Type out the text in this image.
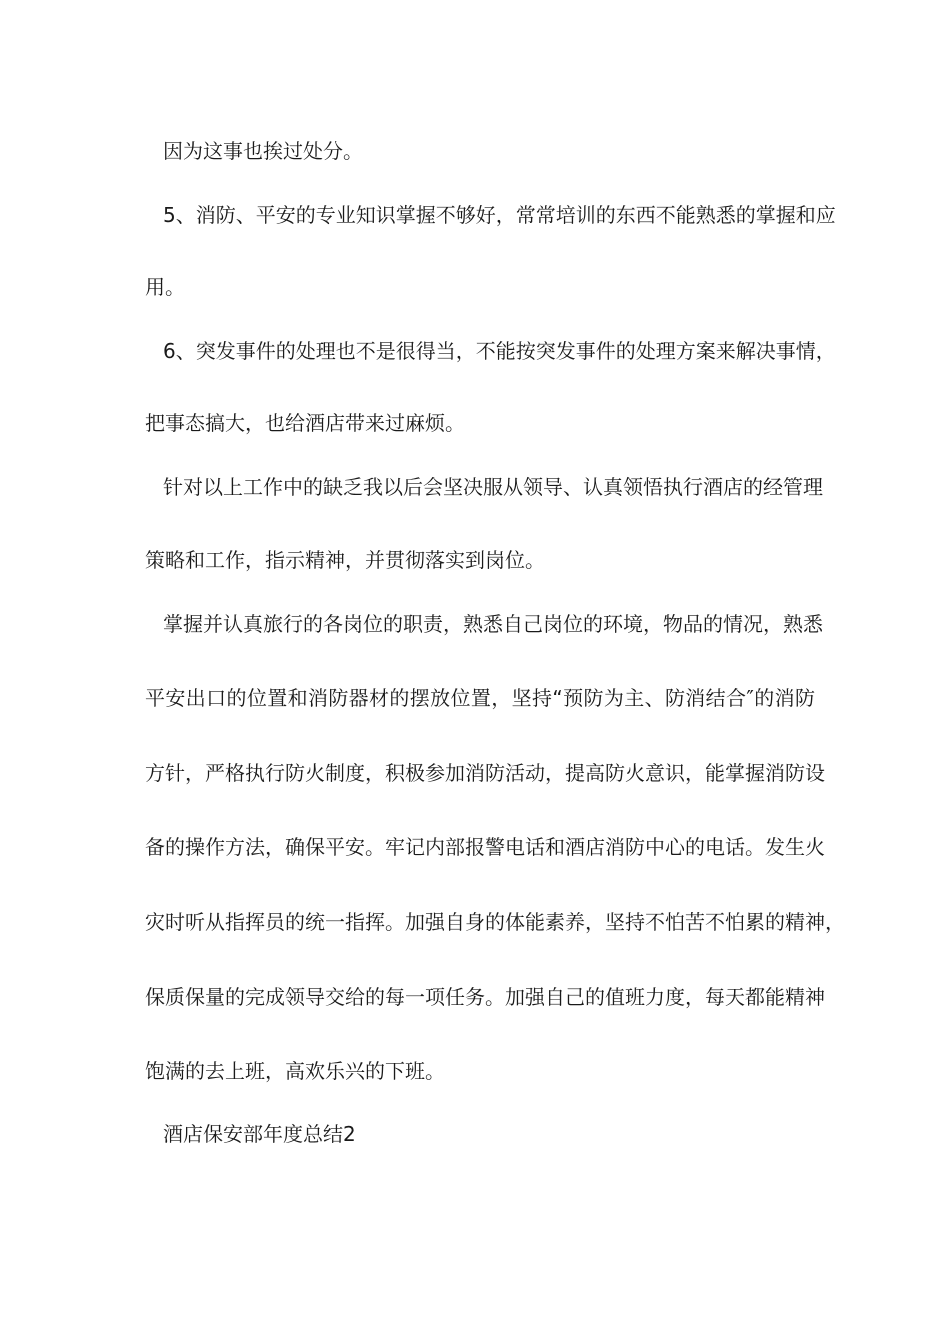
因为这事也挨过处分。
5、消防、平安的专业知识掌握不够好，常常培训的东西不能熟悉的掌握和应
用。
6、突发事件的处理也不是很得当，不能按突发事件的处理方案来解决事情，
把事态搞大，也给酒店带来过麻烦。
针对以上工作中的缺乏我以后会坚决服从领导、认真领悟执行酒店的经管理
策略和工作，指示精神，并贯彻落实到岗位。
掌握并认真旅行的各岗位的职责，熟悉自己岗位的环境，物品的情况，熟悉
平安出口的位置和消防器材的摆放位置，坚持“预防为主、防消结合″的消防
方针，严格执行防火制度，积极参加消防活动，提高防火意识，能掌握消防设
备的操作方法，确保平安。牢记内部报警电话和酒店消防中心的电话。发生火
灾时听从指挥员的统一指挥。加强自身的体能素养，坚持不怕苦不怕累的精神，
保质保量的完成领导交给的每一项任务。加强自己的值班力度，每天都能精神
饱满的去上班，高欢乐兴的下班。
酒店保安部年度总结2
